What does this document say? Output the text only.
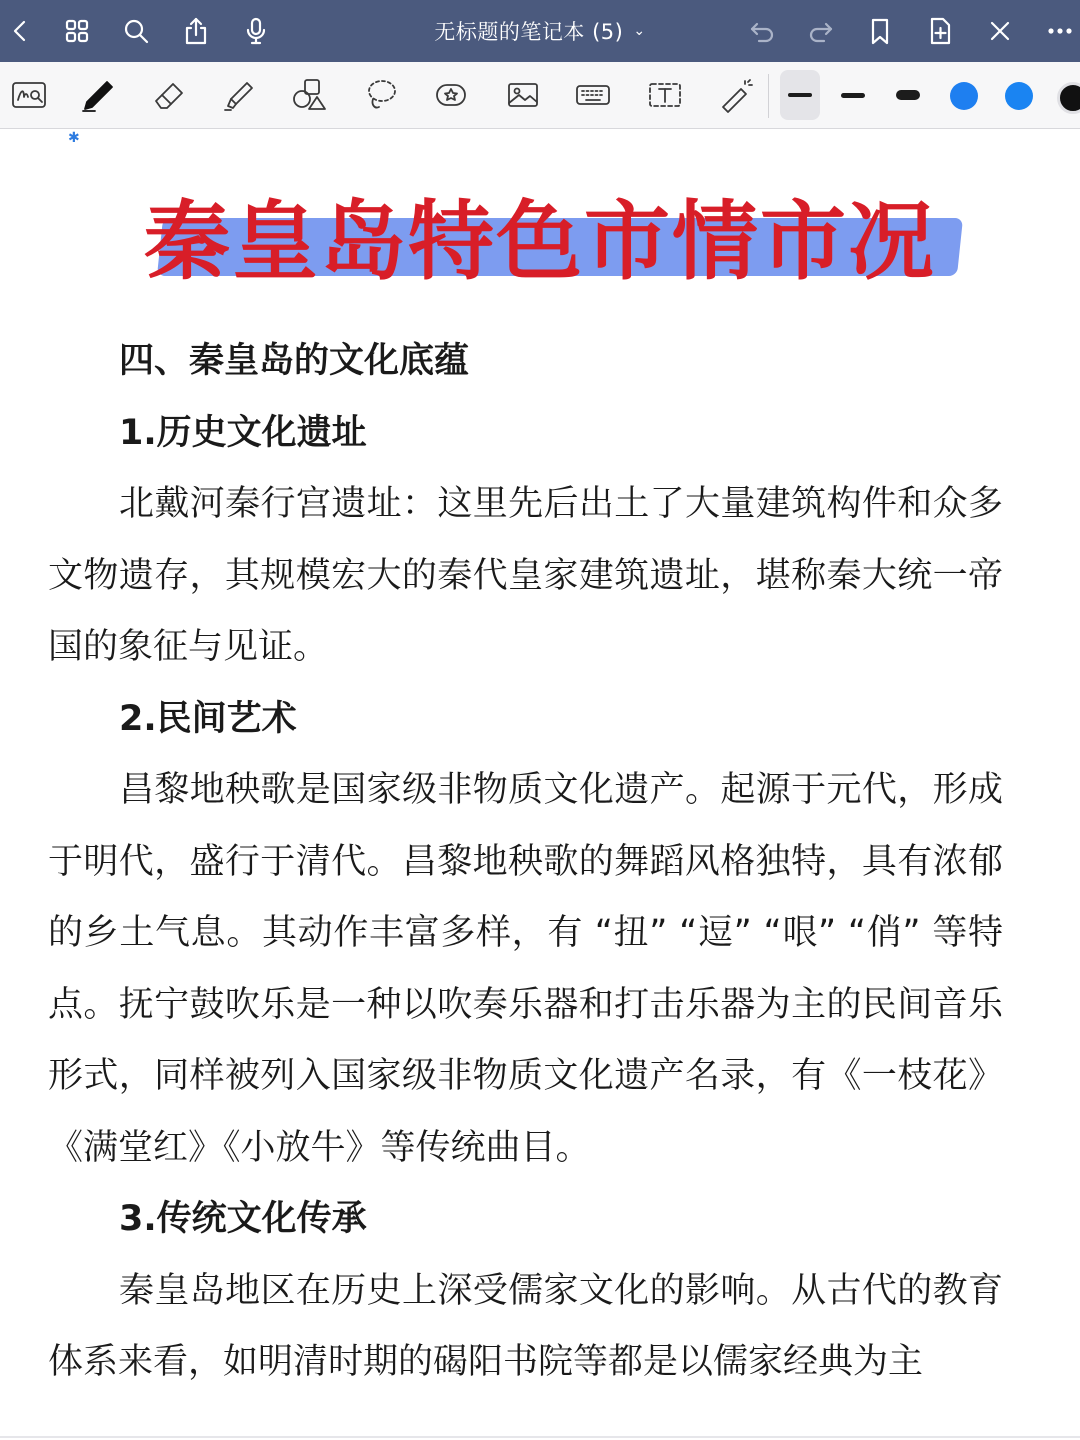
无标题的笔记本 (5) ⌄
✱
秦皇岛特色市情市况

四、秦皇岛的文化底蕴

1.历史文化遗址

北戴河秦行宫遗址：这里先后出土了大量建筑构件和众多文物遗存，其规模宏大的秦代皇家建筑遗址，堪称秦大统一帝国的象征与见证。

2.民间艺术

昌黎地秧歌是国家级非物质文化遗产。起源于元代，形成于明代，盛行于清代。昌黎地秧歌的舞蹈风格独特，具有浓郁的乡土气息。其动作丰富多样，有 “扭” “逗” “哏” “俏” 等特点。抚宁鼓吹乐是一种以吹奏乐器和打击乐器为主的民间音乐形式，同样被列入国家级非物质文化遗产名录，有《一枝花》《满堂红》《小放牛》等传统曲目。

3.传统文化传承

秦皇岛地区在历史上深受儒家文化的影响。从古代的教育体系来看，如明清时期的碣阳书院等都是以儒家经典为主
